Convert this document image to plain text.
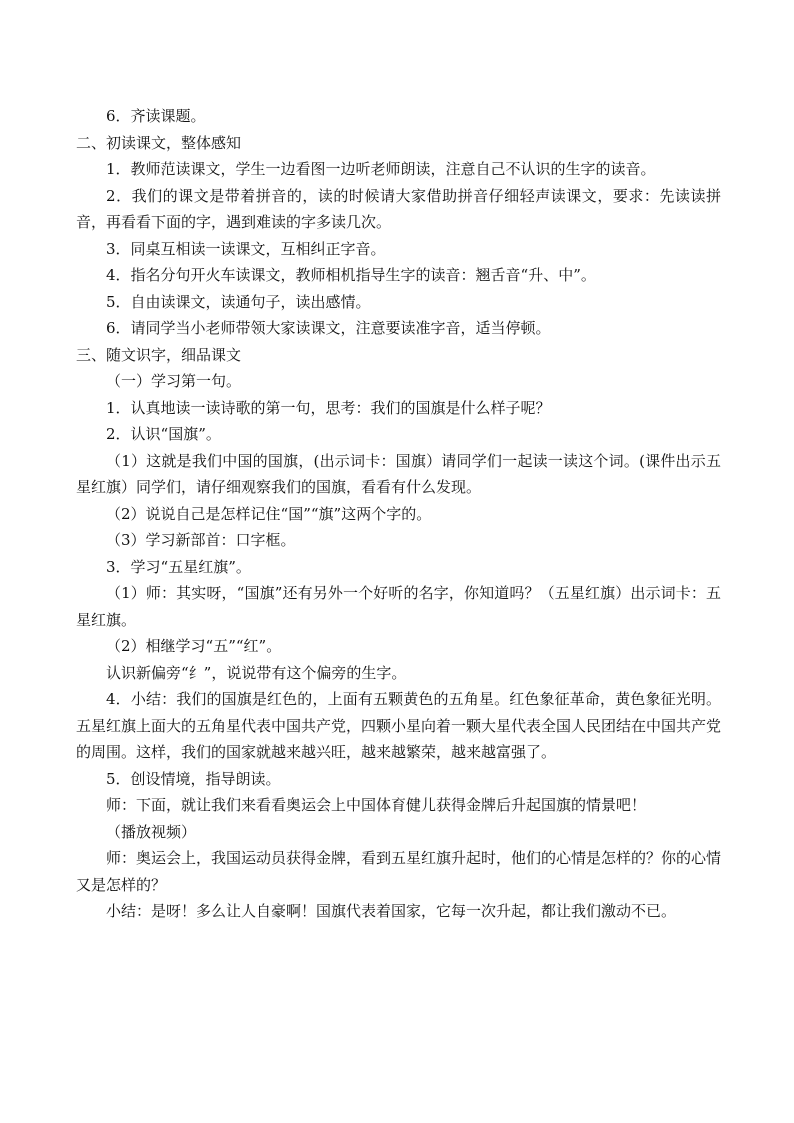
6．齐读课题。

二、初读课文，整体感知

1．教师范读课文，学生一边看图一边听老师朗读，注意自己不认识的生字的读音。

2．我们的课文是带着拼音的，读的时候请大家借助拼音仔细轻声读课文，要求：先读读拼音，再看看下面的字，遇到难读的字多读几次。

3．同桌互相读一读课文，互相纠正字音。

4．指名分句开火车读课文，教师相机指导生字的读音：翘舌音“升、中”。

5．自由读课文，读通句子，读出感情。

6．请同学当小老师带领大家读课文，注意要读准字音，适当停顿。

三、随文识字，细品课文

（一）学习第一句。

1．认真地读一读诗歌的第一句，思考：我们的国旗是什么样子呢？

2．认识“国旗”。

（1）这就是我们中国的国旗，(出示词卡：国旗）请同学们一起读一读这个词。(课件出示五星红旗）同学们，请仔细观察我们的国旗，看看有什么发现。

（2）说说自己是怎样记住“国”“旗”这两个字的。

（3）学习新部首：口字框。

3．学习“五星红旗”。

（1）师：其实呀，“国旗”还有另外一个好听的名字，你知道吗？（五星红旗）出示词卡：五星红旗。

（2）相继学习“五”“红”。

认识新偏旁“纟”，说说带有这个偏旁的生字。

4．小结：我们的国旗是红色的，上面有五颗黄色的五角星。红色象征革命，黄色象征光明。五星红旗上面大的五角星代表中国共产党，四颗小星向着一颗大星代表全国人民团结在中国共产党的周围。这样，我们的国家就越来越兴旺，越来越繁荣，越来越富强了。

5．创设情境，指导朗读。

师：下面，就让我们来看看奥运会上中国体育健儿获得金牌后升起国旗的情景吧！

（播放视频）

师：奥运会上，我国运动员获得金牌，看到五星红旗升起时，他们的心情是怎样的？你的心情又是怎样的？

小结：是呀！多么让人自豪啊！国旗代表着国家，它每一次升起，都让我们激动不已。
